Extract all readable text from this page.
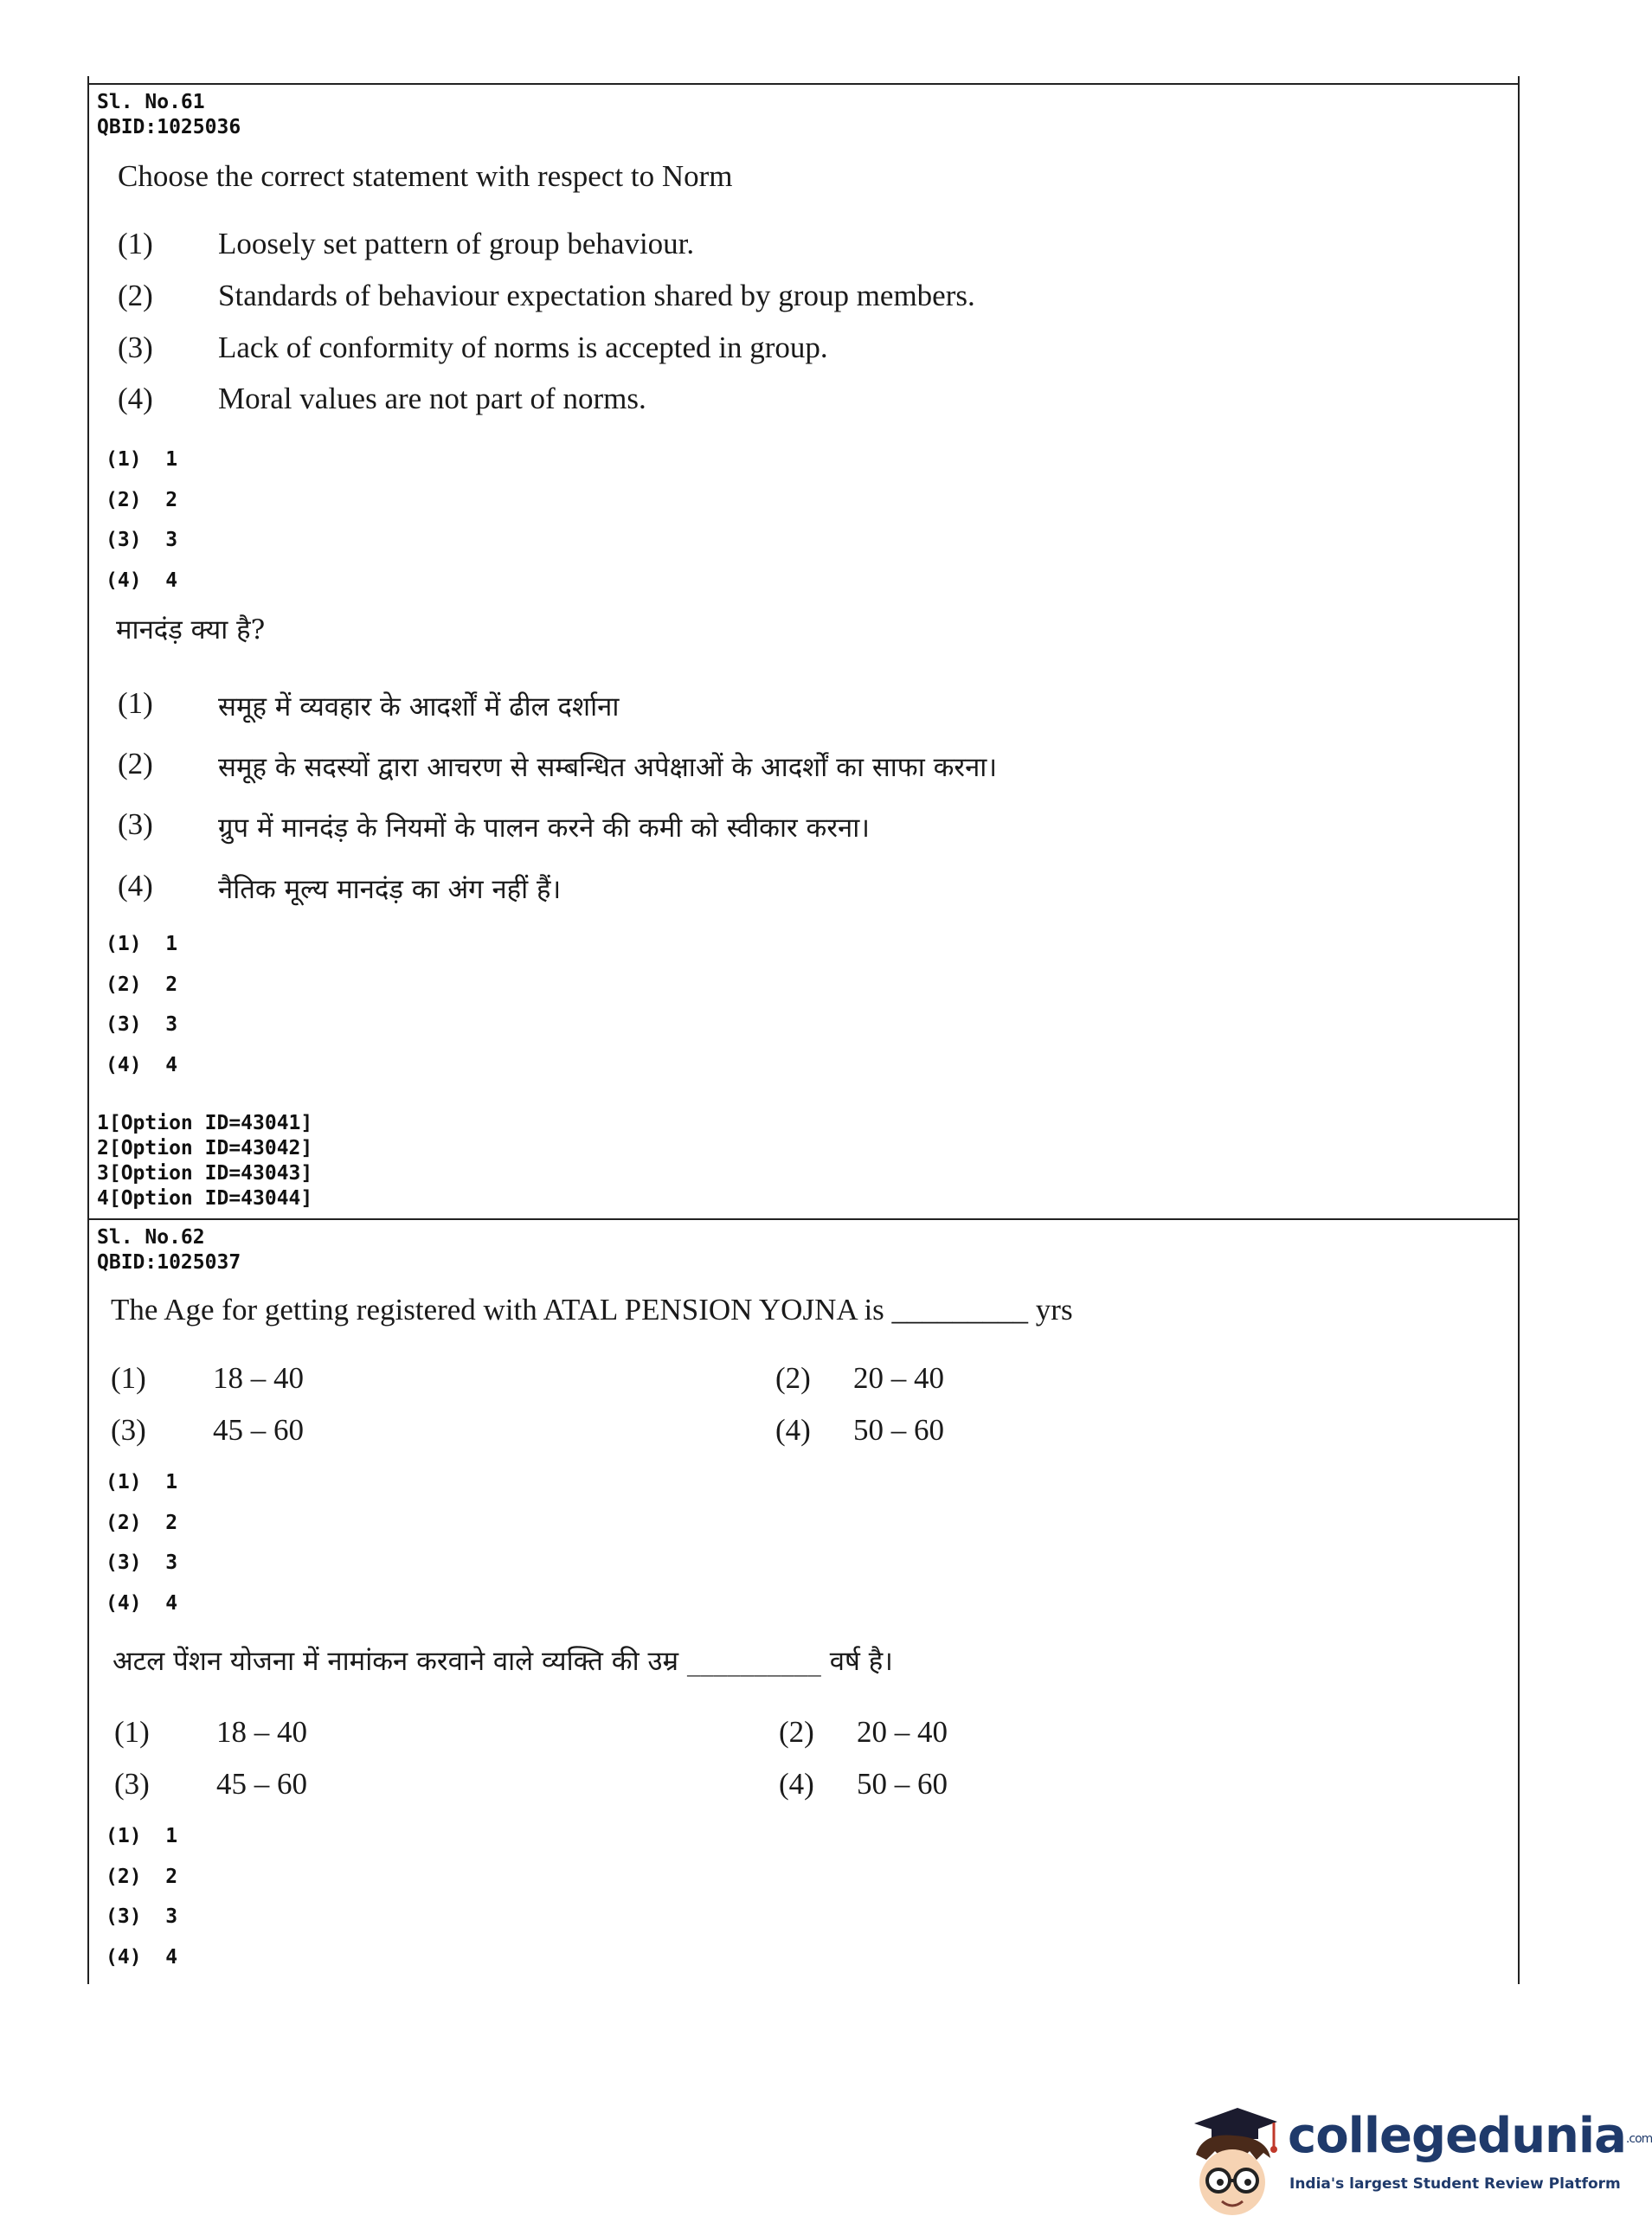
Sl. No.61
QBID:1025036
Choose the correct statement with respect to Norm
(1) Loosely set pattern of group behaviour.
(2) Standards of behaviour expectation shared by group members.
(3) Lack of conformity of norms is accepted in group.
(4) Moral values are not part of norms.
(1)  1
(2)  2
(3)  3
(4)  4
मानदंड़ क्या है?
(1) समूह में व्यवहार के आदर्शों में ढील दर्शाना
(2) समूह के सदस्यों द्वारा आचरण से सम्बन्धित अपेक्षाओं के आदर्शों का साफा करना।
(3) ग्रुप में मानदंड़ के नियमों के पालन करने की कमी को स्वीकार करना।
(4) नैतिक मूल्य मानदंड़ का अंग नहीं हैं।
(1)  1
(2)  2
(3)  3
(4)  4
1[Option ID=43041]
2[Option ID=43042]
3[Option ID=43043]
4[Option ID=43044]
Sl. No.62
QBID:1025037
The Age for getting registered with ATAL PENSION YOJNA is _________ yrs
(1) 18 – 40	(2) 20 – 40
(3) 45 – 60	(4) 50 – 60
(1)  1
(2)  2
(3)  3
(4)  4
अटल पेंशन योजना में नामांकन करवाने वाले व्यक्ति की उम्र __________ वर्ष है।
(1) 18 – 40	(2) 20 – 40
(3) 45 – 60	(4) 50 – 60
(1)  1
(2)  2
(3)  3
(4)  4
collegedunia.com
India's largest Student Review Platform
